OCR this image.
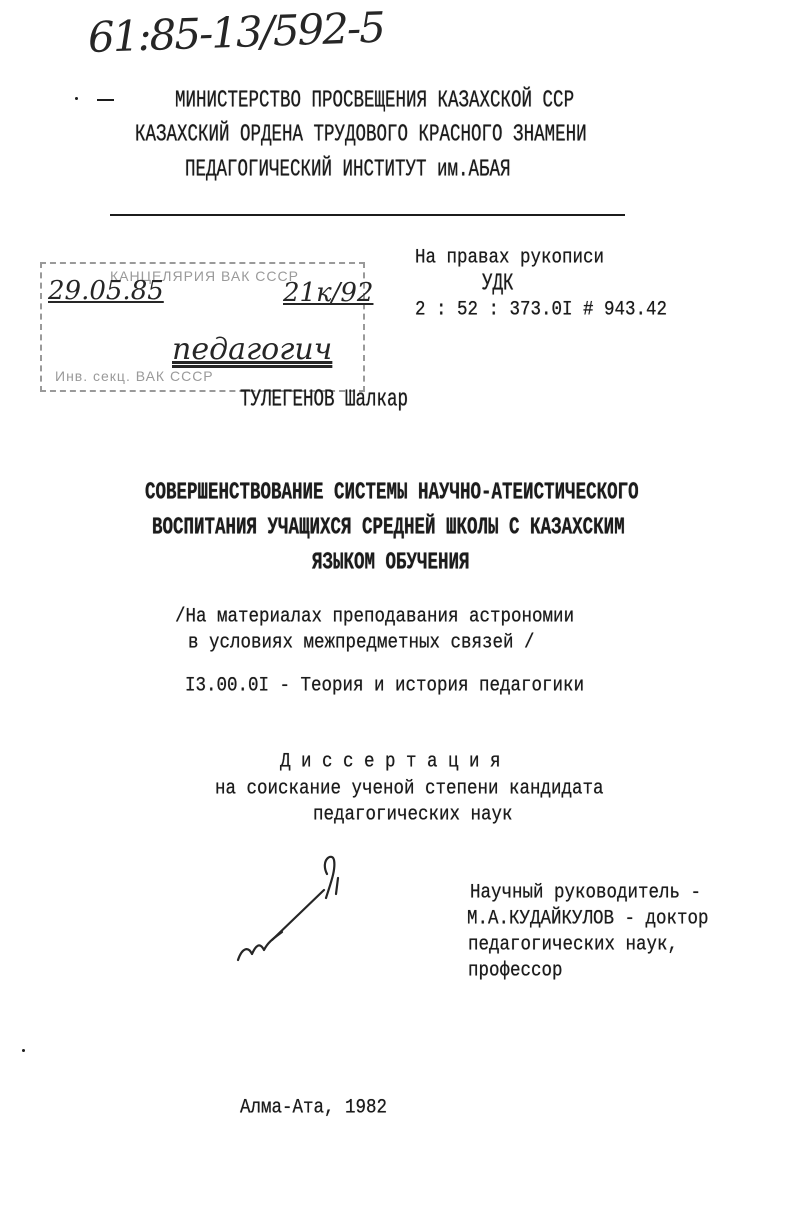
61:85-13/592-5
МИНИСТЕРСТВО ПРОСВЕЩЕНИЯ КАЗАХСКОЙ ССР
КАЗАХСКИЙ ОРДЕНА ТРУДОВОГО КРАСНОГО ЗНАМЕНИ
ПЕДАГОГИЧЕСКИЙ ИНСТИТУТ им.АБАЯ
На правах рукописи
УДК
2 : 52 : 373.0I # 943.42
КАНЦЕЛЯРИЯ ВАК СССР
29.05.85	21к/92
педагогич
Инв. секц. ВАК СССР
ТУЛЕГЕНОВ Шалкар
СОВЕРШЕНСТВОВАНИЕ СИСТЕМЫ НАУЧНО-АТЕИСТИЧЕСКОГО
ВОСПИТАНИЯ УЧАЩИХСЯ СРЕДНЕЙ ШКОЛЫ С КАЗАХСКИМ
ЯЗЫКОМ ОБУЧЕНИЯ
/На материалах преподавания астрономии
в условиях межпредметных связей /
I3.00.0I - Теория и история педагогики
Д и с с е р т а ц и я
на соискание ученой степени кандидата
педагогических наук
Научный руководитель -
М.А.КУДАЙКУЛОВ - доктор
педагогических наук,
профессор
Алма-Ата, 1982
